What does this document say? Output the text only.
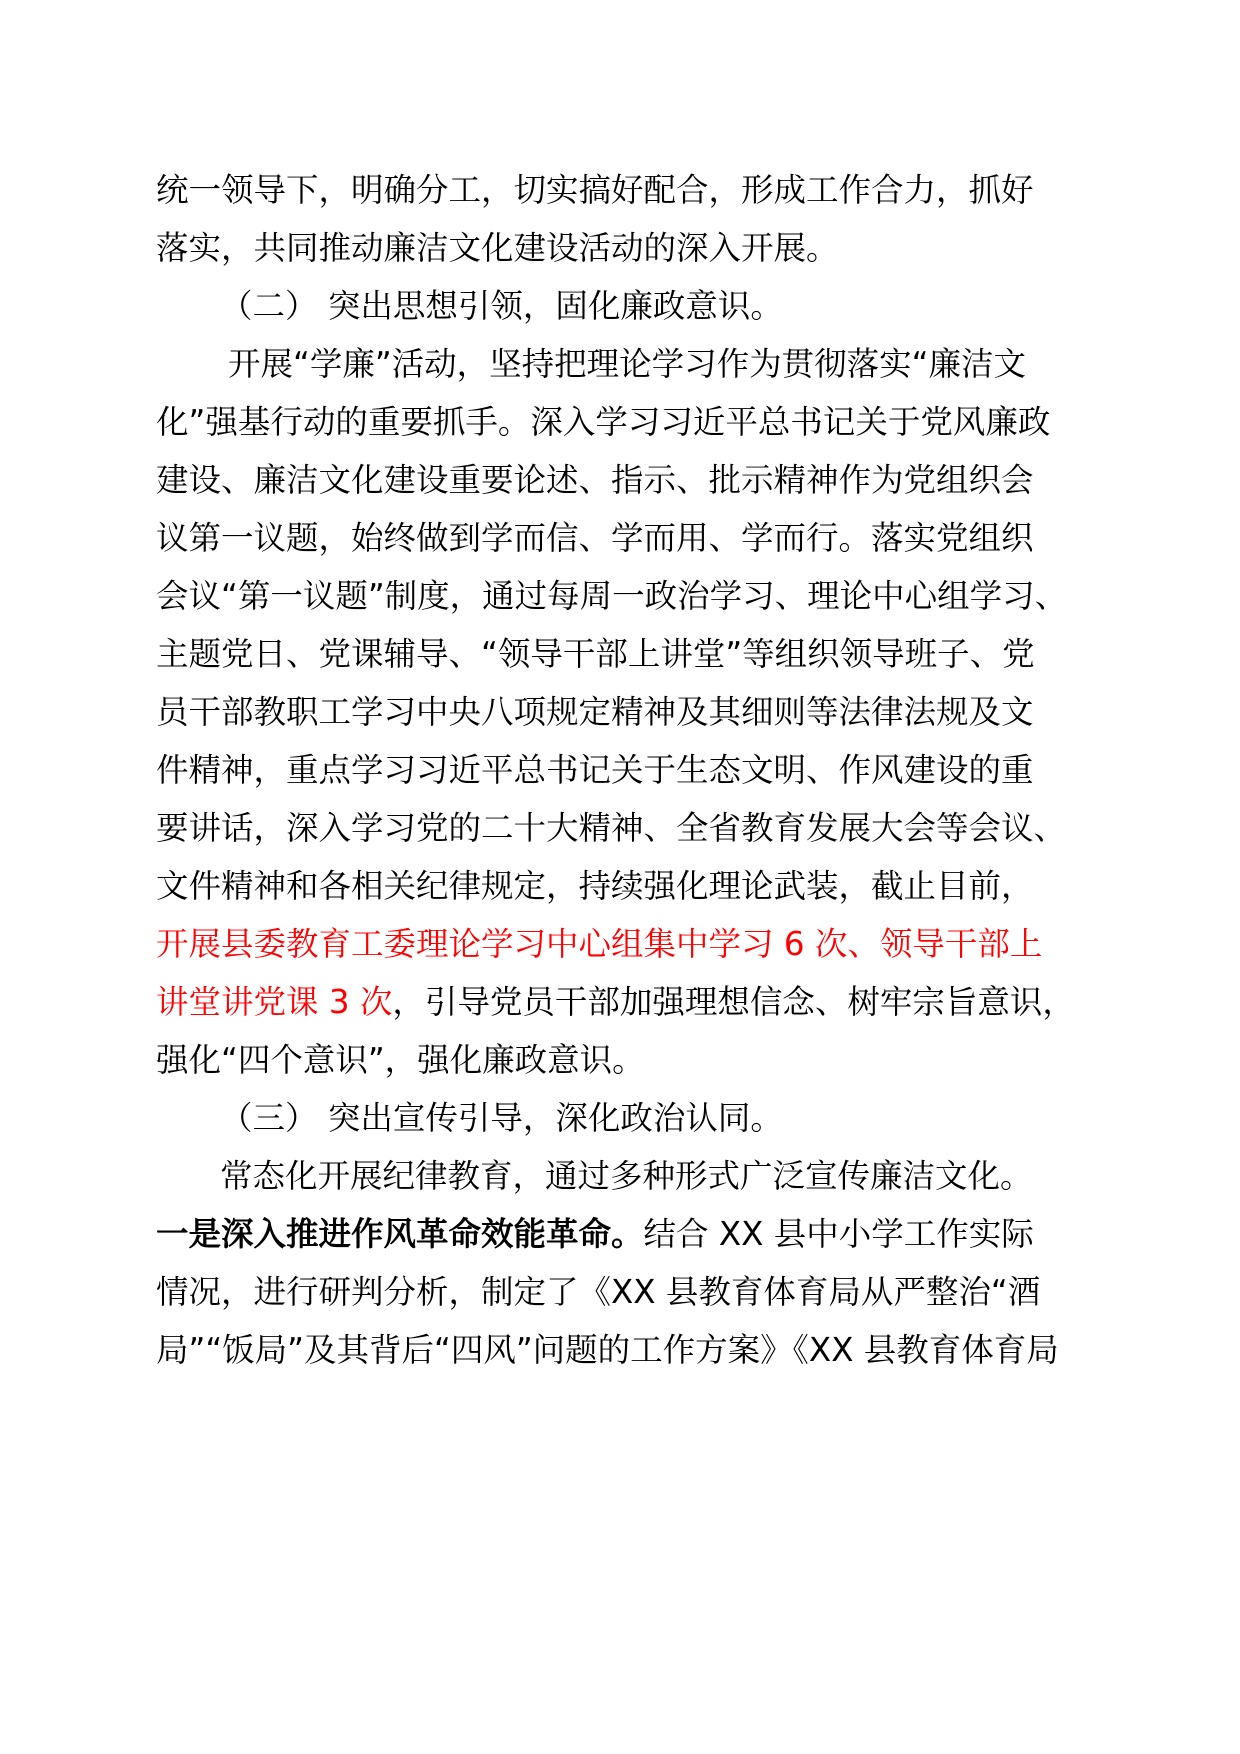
统一领导下，明确分工，切实搞好配合，形成工作合力，抓好
落实，共同推动廉洁文化建设活动的深入开展。
（二） 突出思想引领，固化廉政意识。
开展“学廉”活动，坚持把理论学习作为贯彻落实“廉洁文
化”强基行动的重要抓手。深入学习习近平总书记关于党风廉政
建设、廉洁文化建设重要论述、指示、批示精神作为党组织会
议第一议题，始终做到学而信、学而用、学而行。落实党组织
会议“第一议题”制度，通过每周一政治学习、理论中心组学习、
主题党日、党课辅导、“领导干部上讲堂”等组织领导班子、党
员干部教职工学习中央八项规定精神及其细则等法律法规及文
件精神，重点学习习近平总书记关于生态文明、作风建设的重
要讲话，深入学习党的二十大精神、全省教育发展大会等会议、
文件精神和各相关纪律规定，持续强化理论武装，截止目前，
开展县委教育工委理论学习中心组集中学习 6 次、领导干部上
讲堂讲党课 3 次，引导党员干部加强理想信念、树牢宗旨意识，
强化“四个意识”，强化廉政意识。
（三） 突出宣传引导，深化政治认同。
常态化开展纪律教育，通过多种形式广泛宣传廉洁文化。
一是深入推进作风革命效能革命。结合 XX 县中小学工作实际
情况，进行研判分析，制定了《XX 县教育体育局从严整治“酒
局”“饭局”及其背后“四风”问题的工作方案》《XX 县教育体育局
